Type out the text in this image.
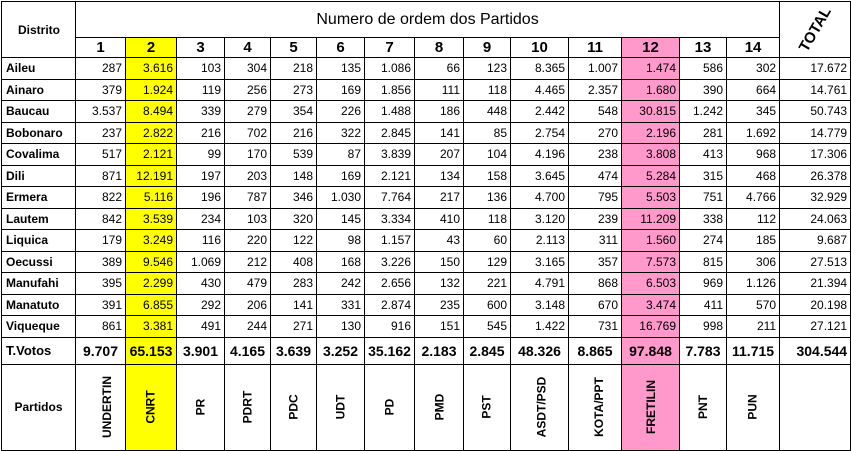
Distrito	Numero de ordem dos Partidos														TOTAL
	1	2	3	4	5	6	7	8	9	10	11	12	13	14	
Aileu	287	3.616	103	304	218	135	1.086	66	123	8.365	1.007	1.474	586	302	17.672
Ainaro	379	1.924	119	256	273	169	1.856	111	118	4.465	2.357	1.680	390	664	14.761
Baucau	3.537	8.494	339	279	354	226	1.488	186	448	2.442	548	30.815	1.242	345	50.743
Bobonaro	237	2.822	216	702	216	322	2.845	141	85	2.754	270	2.196	281	1.692	14.779
Covalima	517	2.121	99	170	539	87	3.839	207	104	4.196	238	3.808	413	968	17.306
Dili	871	12.191	197	203	148	169	2.121	134	158	3.645	474	5.284	315	468	26.378
Ermera	822	5.116	196	787	346	1.030	7.764	217	136	4.700	795	5.503	751	4.766	32.929
Lautem	842	3.539	234	103	320	145	3.334	410	118	3.120	239	11.209	338	112	24.063
Liquica	179	3.249	116	220	122	98	1.157	43	60	2.113	311	1.560	274	185	9.687
Oecussi	389	9.546	1.069	212	408	168	3.226	150	129	3.165	357	7.573	815	306	27.513
Manufahi	395	2.299	430	479	283	242	2.656	132	221	4.791	868	6.503	969	1.126	21.394
Manatuto	391	6.855	292	206	141	331	2.874	235	600	3.148	670	3.474	411	570	20.198
Viqueque	861	3.381	491	244	271	130	916	151	545	1.422	731	16.769	998	211	27.121
T.Votos	9.707	65.153	3.901	4.165	3.639	3.252	35.162	2.183	2.845	48.326	8.865	97.848	7.783	11.715	304.544
Partidos	UNDERTIN	CNRT	PR	PDRT	PDC	UDT	PD	PMD	PST	ASDT/PSD	KOTA/PPT	FRETILIN	PNT	PUN	
